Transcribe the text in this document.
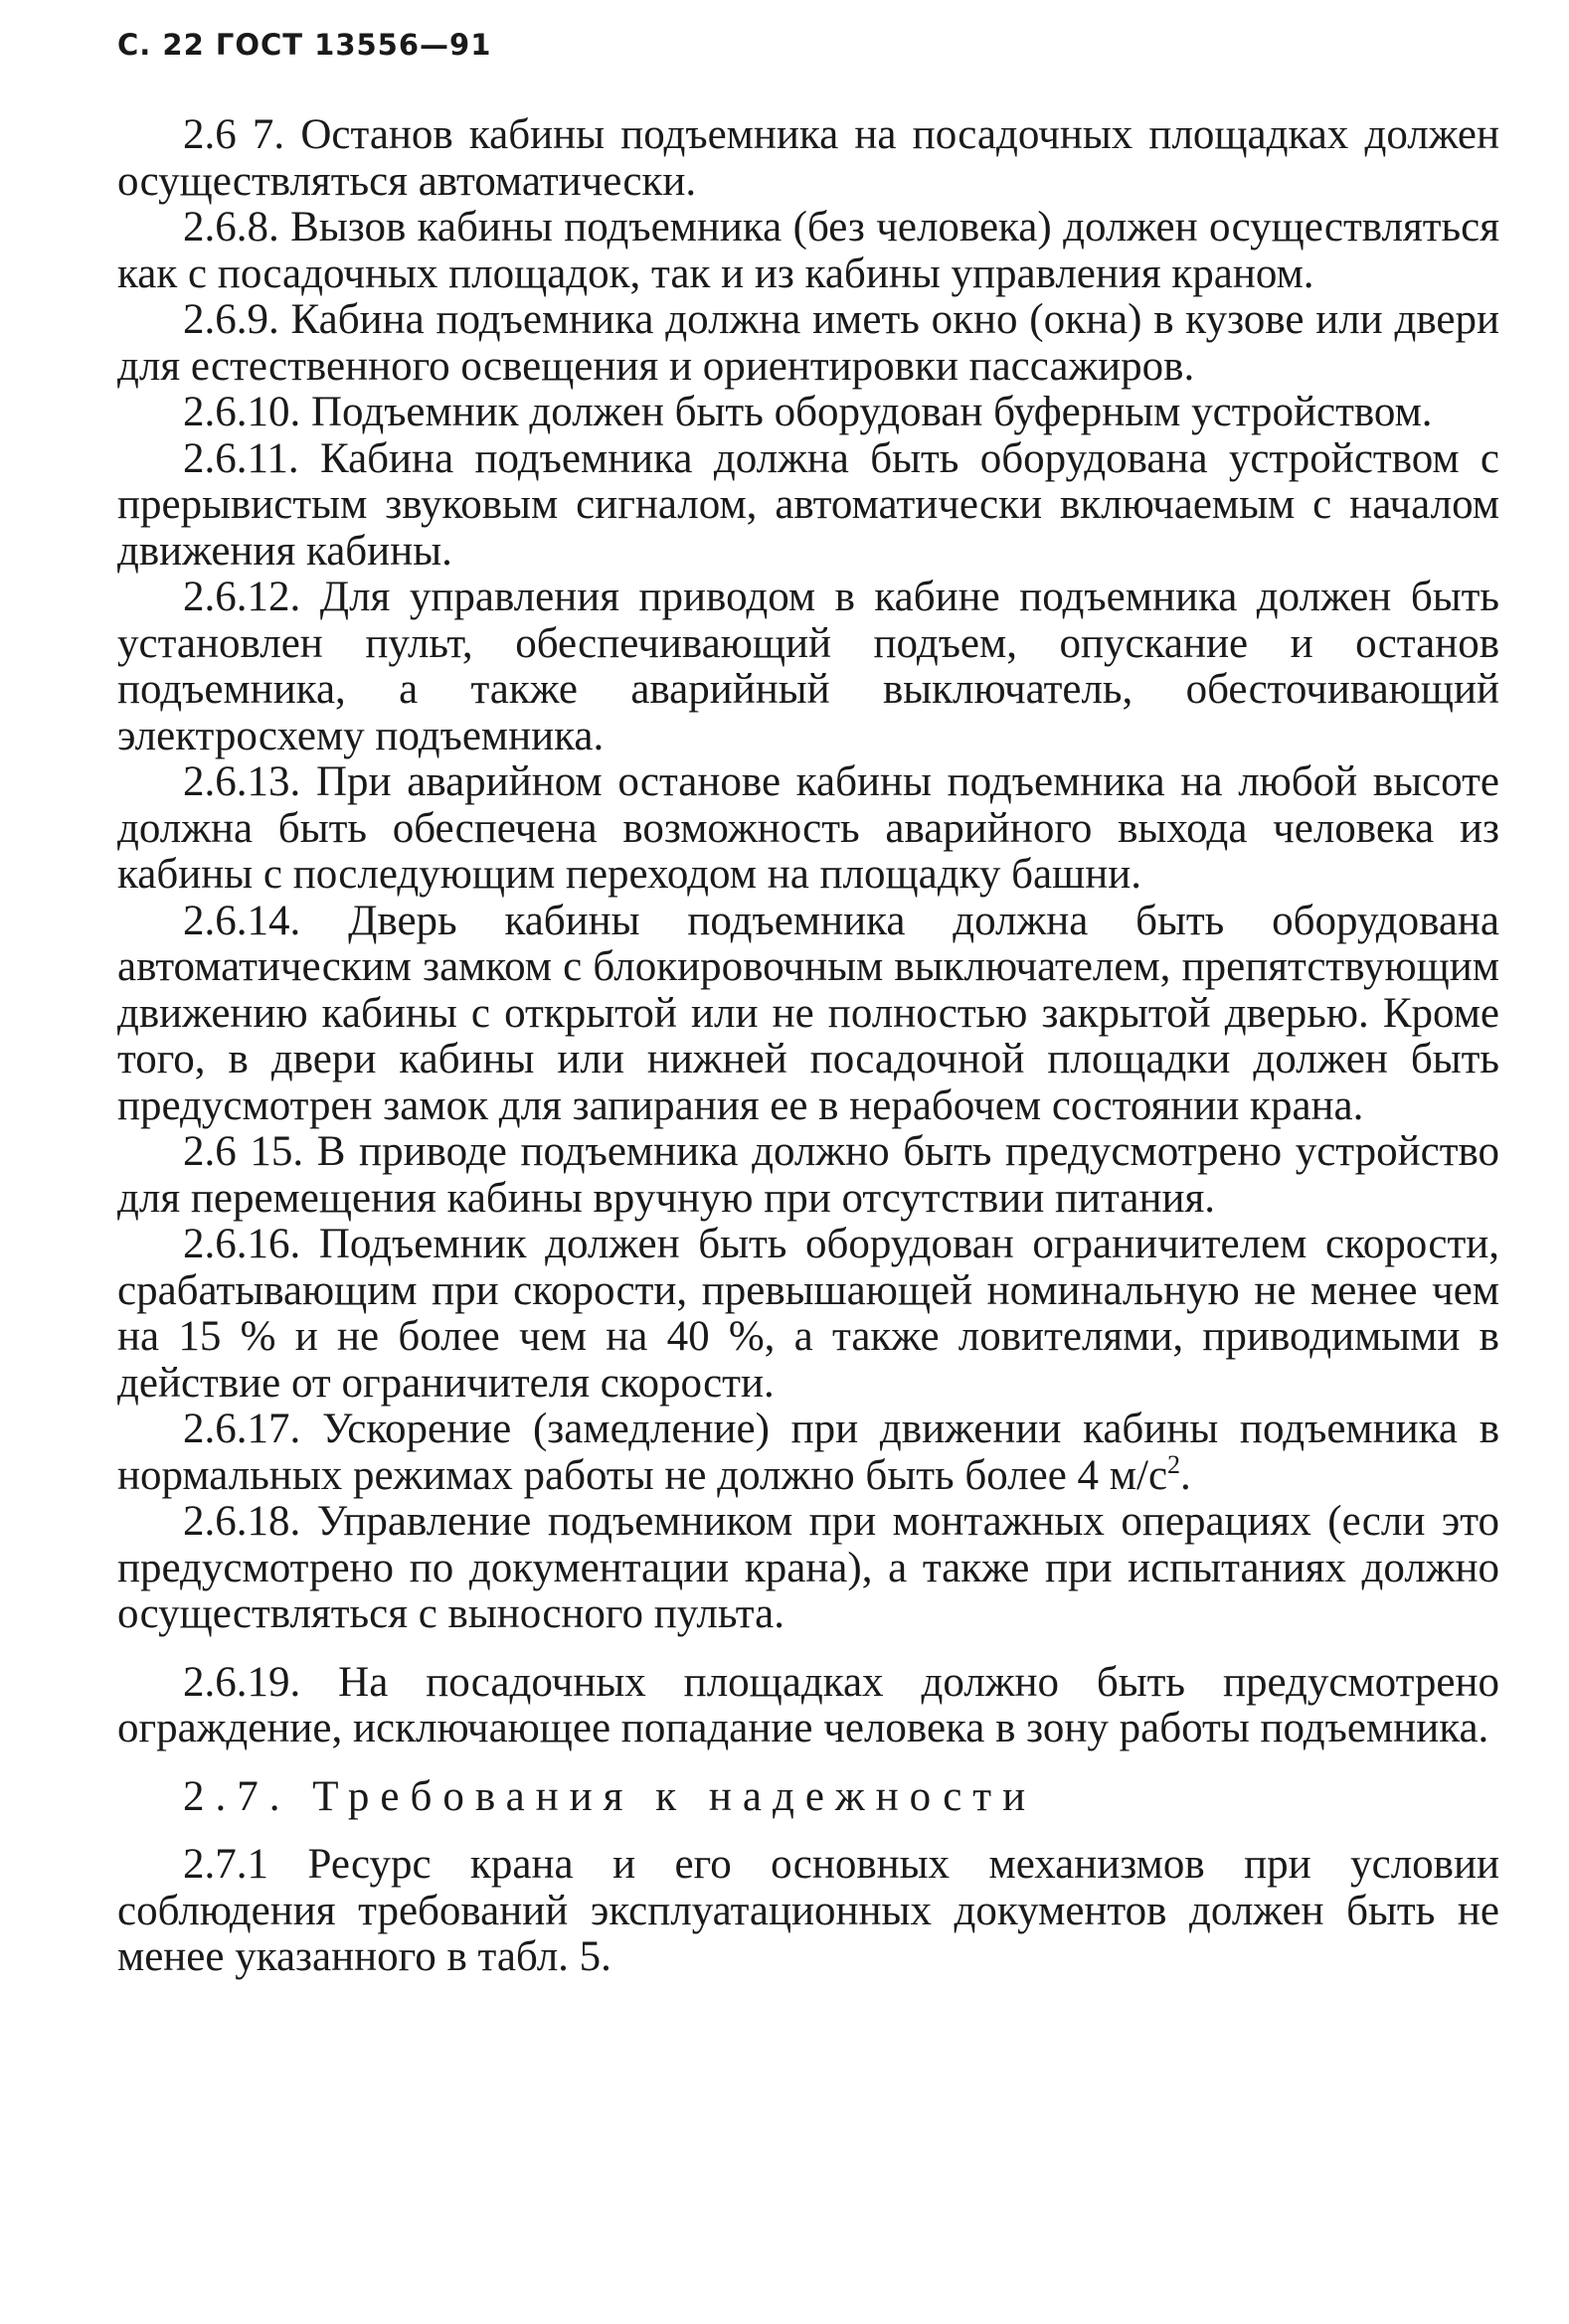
С. 22 ГОСТ 13556—91

2.6 7. Останов кабины подъемника на посадочных площадках должен осуществляться автоматически.

2.6.8. Вызов кабины подъемника (без человека) должен осуществляться как с посадочных площадок, так и из кабины управления краном.

2.6.9. Кабина подъемника должна иметь окно (окна) в кузове или двери для естественного освещения и ориентировки пассажиров.

2.6.10. Подъемник должен быть оборудован буферным устройством.

2.6.11. Кабина подъемника должна быть оборудована устройством с прерывистым звуковым сигналом, автоматически включаемым с началом движения кабины.

2.6.12. Для управления приводом в кабине подъемника должен быть установлен пульт, обеспечивающий подъем, опускание и останов подъемника, а также аварийный выключатель, обесточивающий электросхему подъемника.

2.6.13. При аварийном останове кабины подъемника на любой высоте должна быть обеспечена возможность аварийного выхода человека из кабины с последующим переходом на площадку башни.

2.6.14. Дверь кабины подъемника должна быть оборудована автоматическим замком с блокировочным выключателем, препятствующим движению кабины с открытой или не полностью закрытой дверью. Кроме того, в двери кабины или нижней посадочной площадки должен быть предусмотрен замок для запирания ее в нерабочем состоянии крана.

2.6 15. В приводе подъемника должно быть предусмотрено устройство для перемещения кабины вручную при отсутствии питания.

2.6.16. Подъемник должен быть оборудован ограничителем скорости, срабатывающим при скорости, превышающей номинальную не менее чем на 15 % и не более чем на 40 %, а также ловителями, приводимыми в действие от ограничителя скорости.

2.6.17. Ускорение (замедление) при движении кабины подъемника в нормальных режимах работы не должно быть более 4 $м/с^2$.

2.6.18. Управление подъемником при монтажных операциях (если это предусмотрено по документации крана), а также при испытаниях должно осуществляться с выносного пульта.

2.6.19. На посадочных площадках должно быть предусмотрено ограждение, исключающее попадание человека в зону работы подъемника.

2.7. Требования к надежности

2.7.1 Ресурс крана и его основных механизмов при условии соблюдения требований эксплуатационных документов должен быть не менее указанного в табл. 5.
